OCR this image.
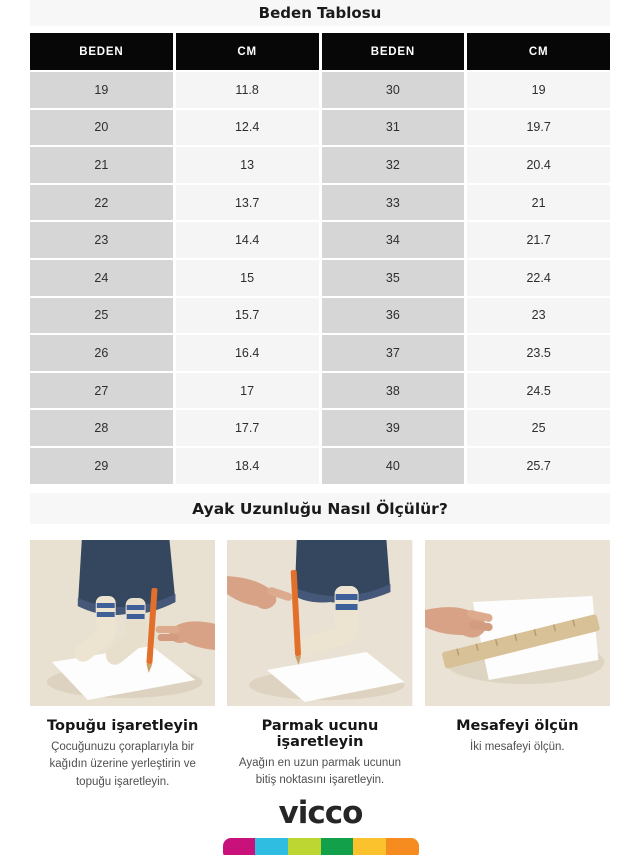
Beden Tablosu
BEDEN	CM	BEDEN	CM
19	11.8	30	19
20	12.4	31	19.7
21	13	32	20.4
22	13.7	33	21
23	14.4	34	21.7
24	15	35	22.4
25	15.7	36	23
26	16.4	37	23.5
27	17	38	24.5
28	17.7	39	25
29	18.4	40	25.7
Ayak Uzunluğu Nasıl Ölçülür?
Topuğu işaretleyin
Çocuğunuzu çoraplarıyla bir kağıdın üzerine yerleştirin ve topuğu işaretleyin.
Parmak ucunu işaretleyin
Ayağın en uzun parmak ucunun bitiş noktasını işaretleyin.
Mesafeyi ölçün
İki mesafeyi ölçün.
vicco
